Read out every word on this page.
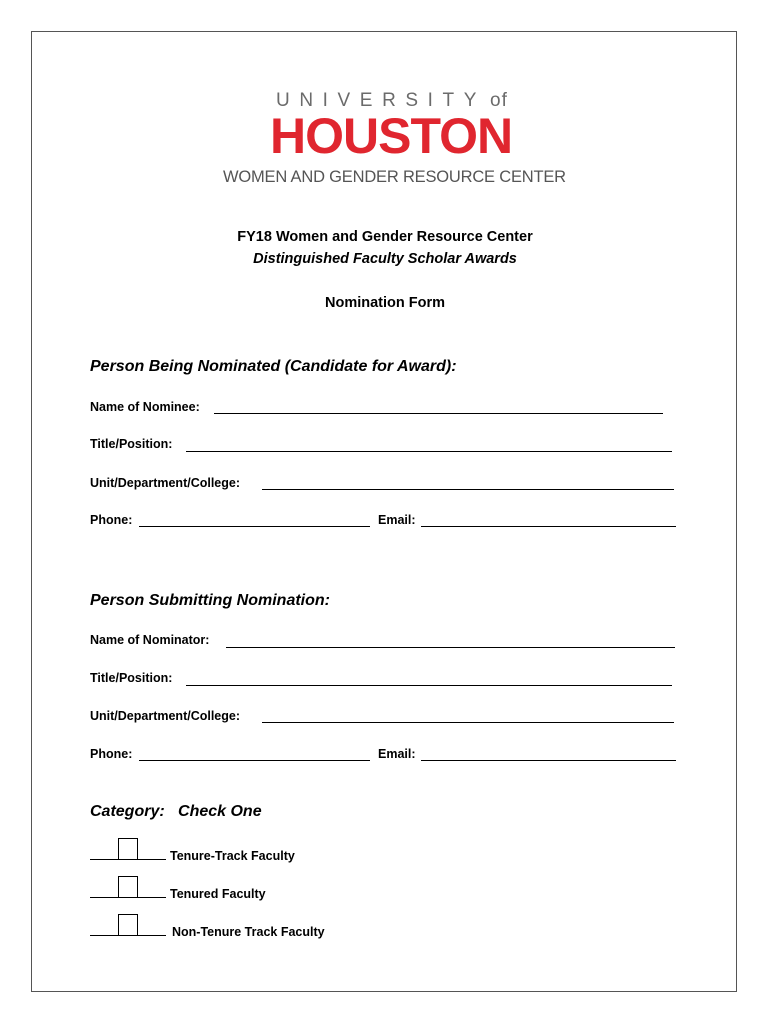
UNIVERSITY of
HOUSTON
WOMEN AND GENDER RESOURCE CENTER
FY18 Women and Gender Resource Center
Distinguished Faculty Scholar Awards
Nomination Form
Person Being Nominated (Candidate for Award):
Name of Nominee:
Title/Position:
Unit/Department/College:
Phone:	Email:
Person Submitting Nomination:
Name of Nominator:
Title/Position:
Unit/Department/College:
Phone:	Email:
Category:   Check One
Tenure-Track Faculty
Tenured Faculty
Non-Tenure Track Faculty
